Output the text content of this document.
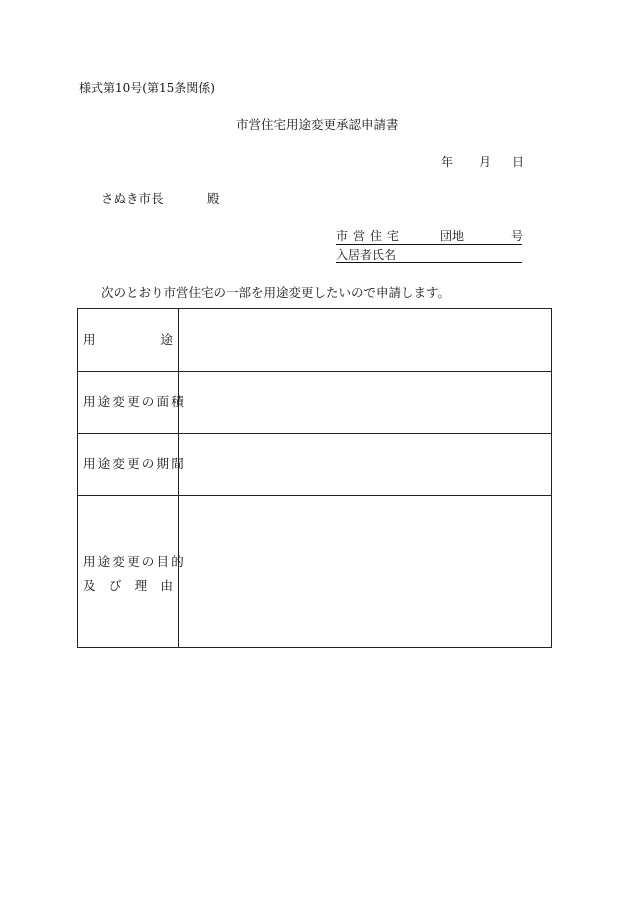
様式第10号(第15条関係)
市営住宅用途変更承認申請書
年 月 日
さぬき市長	殿
市営住宅	団地	号
入居者氏名
次のとおり市営住宅の一部を用途変更したいので申請します。
用	途
用途変更の面積
用途変更の期間
用途変更の目的
及 び 理 由
